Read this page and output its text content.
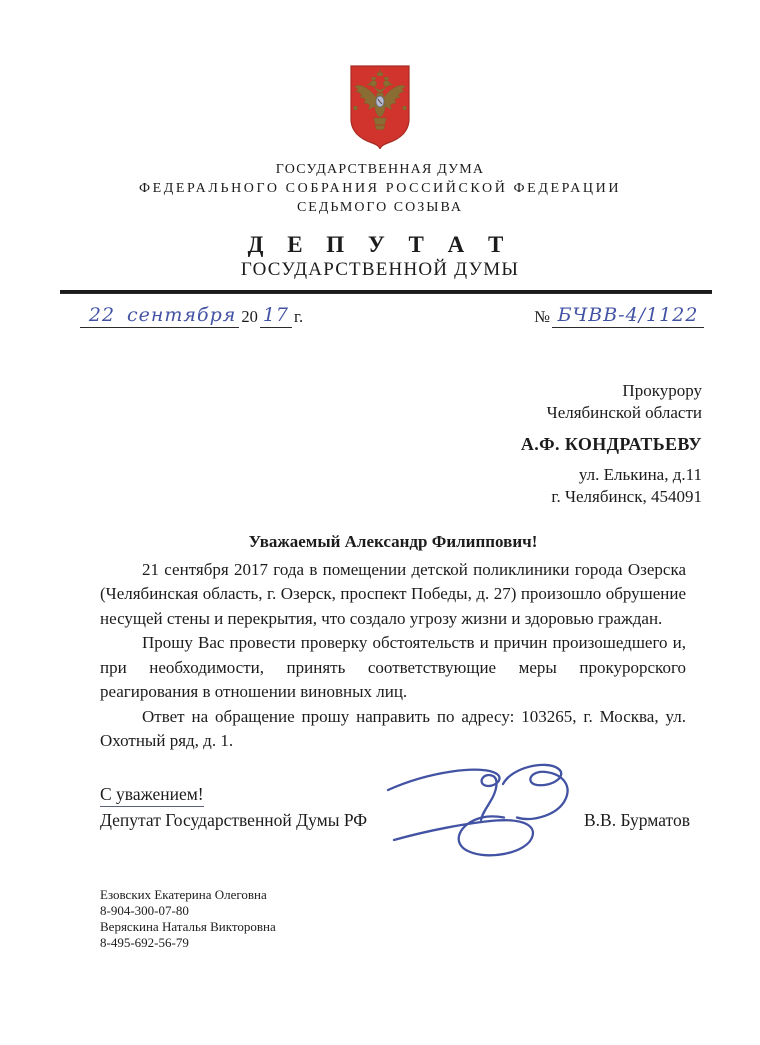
ГОСУДАРСТВЕННАЯ ДУМА
ФЕДЕРАЛЬНОГО СОБРАНИЯ РОССИЙСКОЙ ФЕДЕРАЦИИ
СЕДЬМОГО СОЗЫВА
Д Е П У Т А Т
ГОСУДАРСТВЕННОЙ ДУМЫ
22 сентября 20 17 г.	№ БЧВВ-4/1122
Прокурору
Челябинской области
А.Ф. КОНДРАТЬЕВУ
ул. Елькина, д.11
г. Челябинск, 454091

Уважаемый Александр Филиппович!

21 сентября 2017 года в помещении детской поликлиники города Озерска (Челябинская область, г. Озерск, проспект Победы, д. 27) произошло обрушение несущей стены и перекрытия, что создало угрозу жизни и здоровью граждан.

Прошу Вас провести проверку обстоятельств и причин произошедшего и, при необходимости, принять соответствующие меры прокурорского реагирования в отношении виновных лиц.

Ответ на обращение прошу направить по адресу: 103265, г. Москва, ул. Охотный ряд, д. 1.

С уважением!
Депутат Государственной Думы РФ	В.В. Бурматов
Езовских Екатерина Олеговна
8-904-300-07-80
Веряскина Наталья Викторовна
8-495-692-56-79
